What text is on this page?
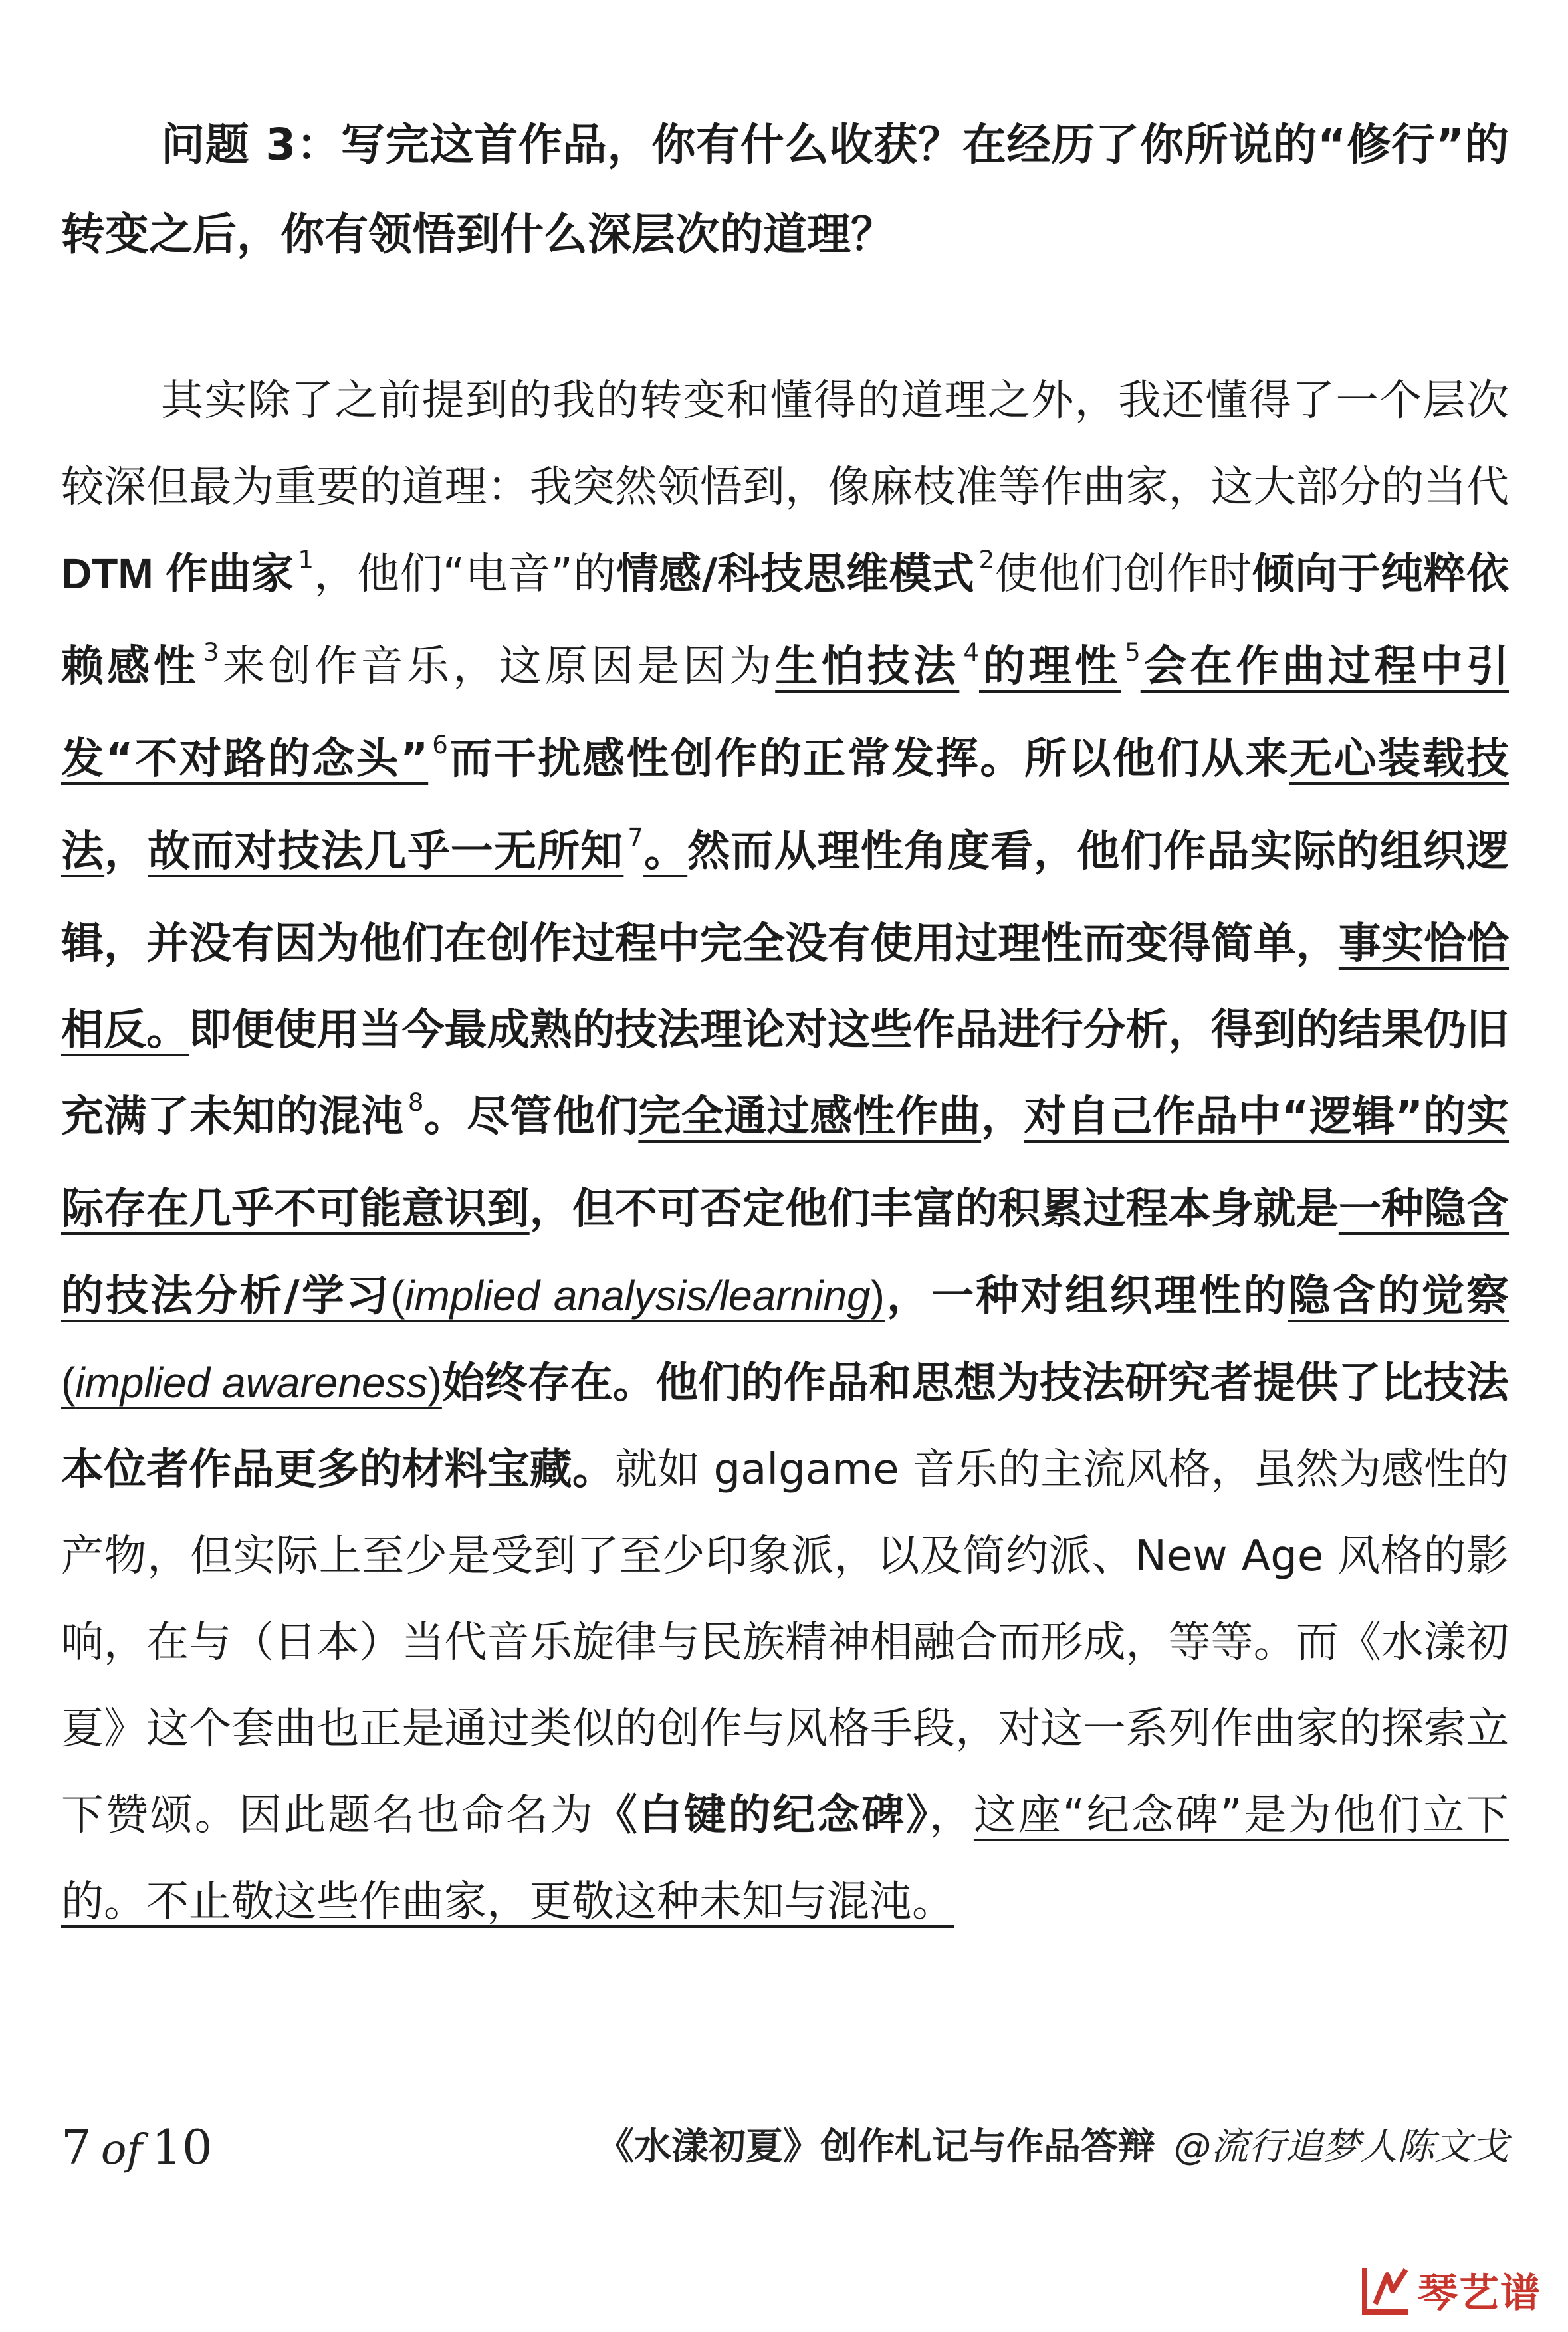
问题 3：写完这首作品，你有什么收获？在经历了你所说的“修行”的转变之后，你有领悟到什么深层次的道理？
其实除了之前提到的我的转变和懂得的道理之外，我还懂得了一个层次较深但最为重要的道理：我突然领悟到，像麻枝准等作曲家，这大部分的当代 DTM 作曲家 $^1$，他们“电音”的情感/科技思维模式 $^2$使他们创作时倾向于纯粹依赖感性 $^3$来创作音乐，这原因是因为生怕技法 $^4$的理性 $^5$会在作曲过程中引发“不对路的念头” $^6$而干扰感性创作的正常发挥。所以他们从来无心装载技法，故而对技法几乎一无所知 $^7$。然而从理性角度看，他们作品实际的组织逻辑，并没有因为他们在创作过程中完全没有使用过理性而变得简单，事实恰恰相反。即便使用当今最成熟的技法理论对这些作品进行分析，得到的结果仍旧充满了未知的混沌 $^8$。尽管他们完全通过感性作曲，对自己作品中“逻辑”的实际存在几乎不可能意识到，但不可否定他们丰富的积累过程本身就是一种隐含的技法分析/学习(implied analysis/learning)，一种对组织理性的隐含的觉察(implied awareness)始终存在。他们的作品和思想为技法研究者提供了比技法本位者作品更多的材料宝藏。就如 galgame 音乐的主流风格，虽然为感性的产物，但实际上至少是受到了至少印象派，以及简约派、New Age 风格的影响，在与（日本）当代音乐旋律与民族精神相融合而形成，等等。而《水漾初夏》这个套曲也正是通过类似的创作与风格手段，对这一系列作曲家的探索立下赞颂。因此题名也命名为《白键的纪念碑》，这座“纪念碑”是为他们立下的。不止敬这些作曲家，更敬这种未知与混沌。
7 of 10	《水漾初夏》创作札记与作品答辩 @流行追梦人陈文戈
琴艺谱
